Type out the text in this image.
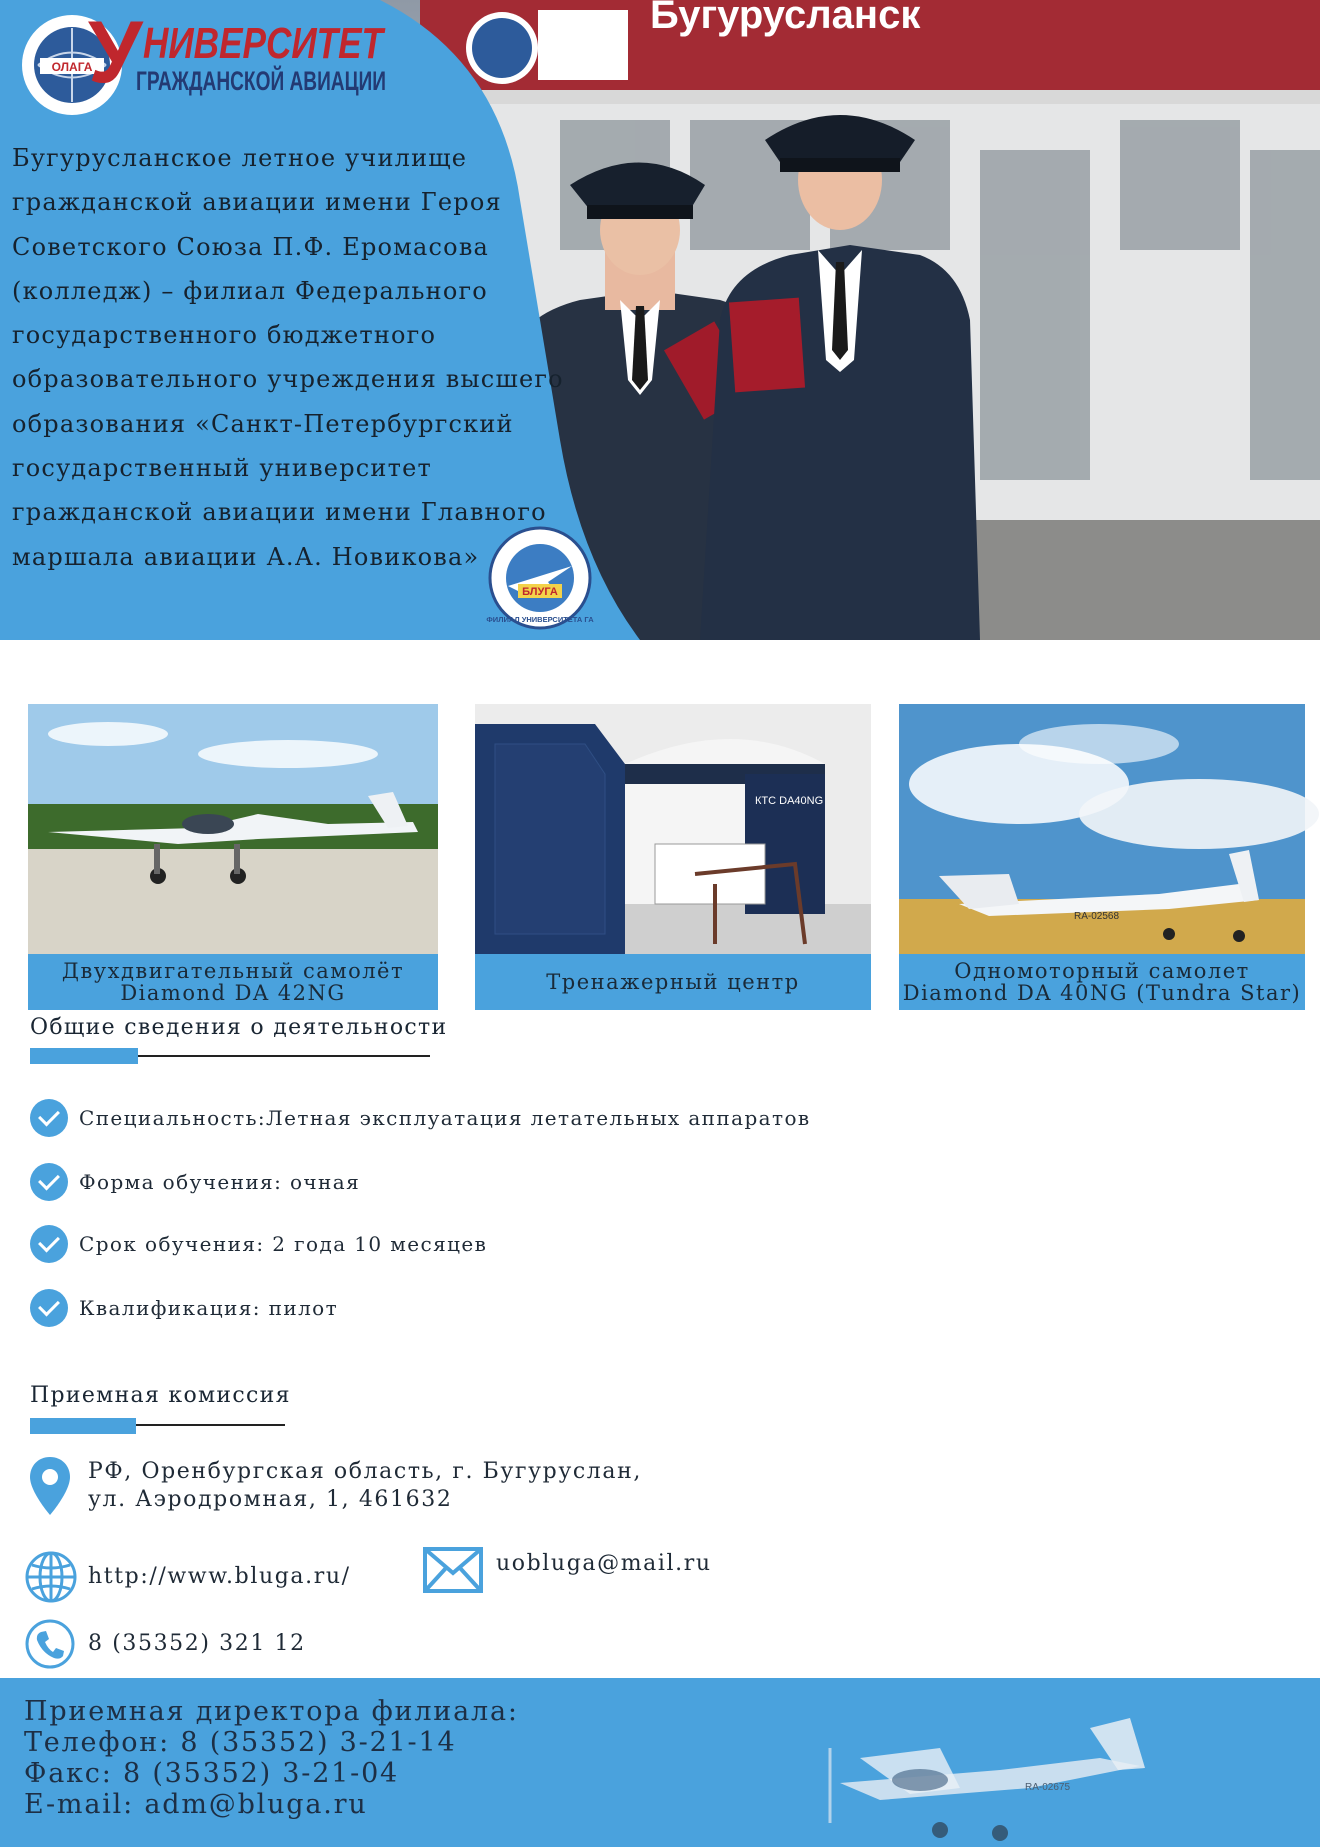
Бугурусланск
ОЛАГА
У НИВЕРСИТЕТ
ГРАЖДАНСКОЙ АВИАЦИИ
Бугурусланское летное училище
гражданской авиации имени Героя
Советского Союза П.Ф. Еромасова
(колледж) – филиал Федерального
государственного бюджетного
образовательного учреждения высшего
образования «Санкт-Петербургский
государственный университет
гражданской авиации имени Главного
маршала авиации А.А. Новикова»
БЛУГА
ФИЛИАЛ УНИВЕРСИТЕТА ГА
Двухдвигательный самолёт
Diamond DA 42NG
КТС DA40NG
Тренажерный центр
RA-02568
Одномоторный самолет
Diamond DA 40NG (Tundra Star)
Общие сведения о деятельности
Специальность:Летная эксплуатация летательных аппаратов
Форма обучения: очная
Срок обучения: 2 года 10 месяцев
Квалификация: пилот
Приемная комиссия
РФ, Оренбургская область, г. Бугуруслан,
ул. Аэродромная, 1, 461632
http://www.bluga.ru/
uobluga@mail.ru
8 (35352) 321 12
Приемная директора филиала:
Телефон: 8 (35352) 3-21-14
Факс: 8 (35352) 3-21-04
E-mail: adm@bluga.ru
RA-02675
